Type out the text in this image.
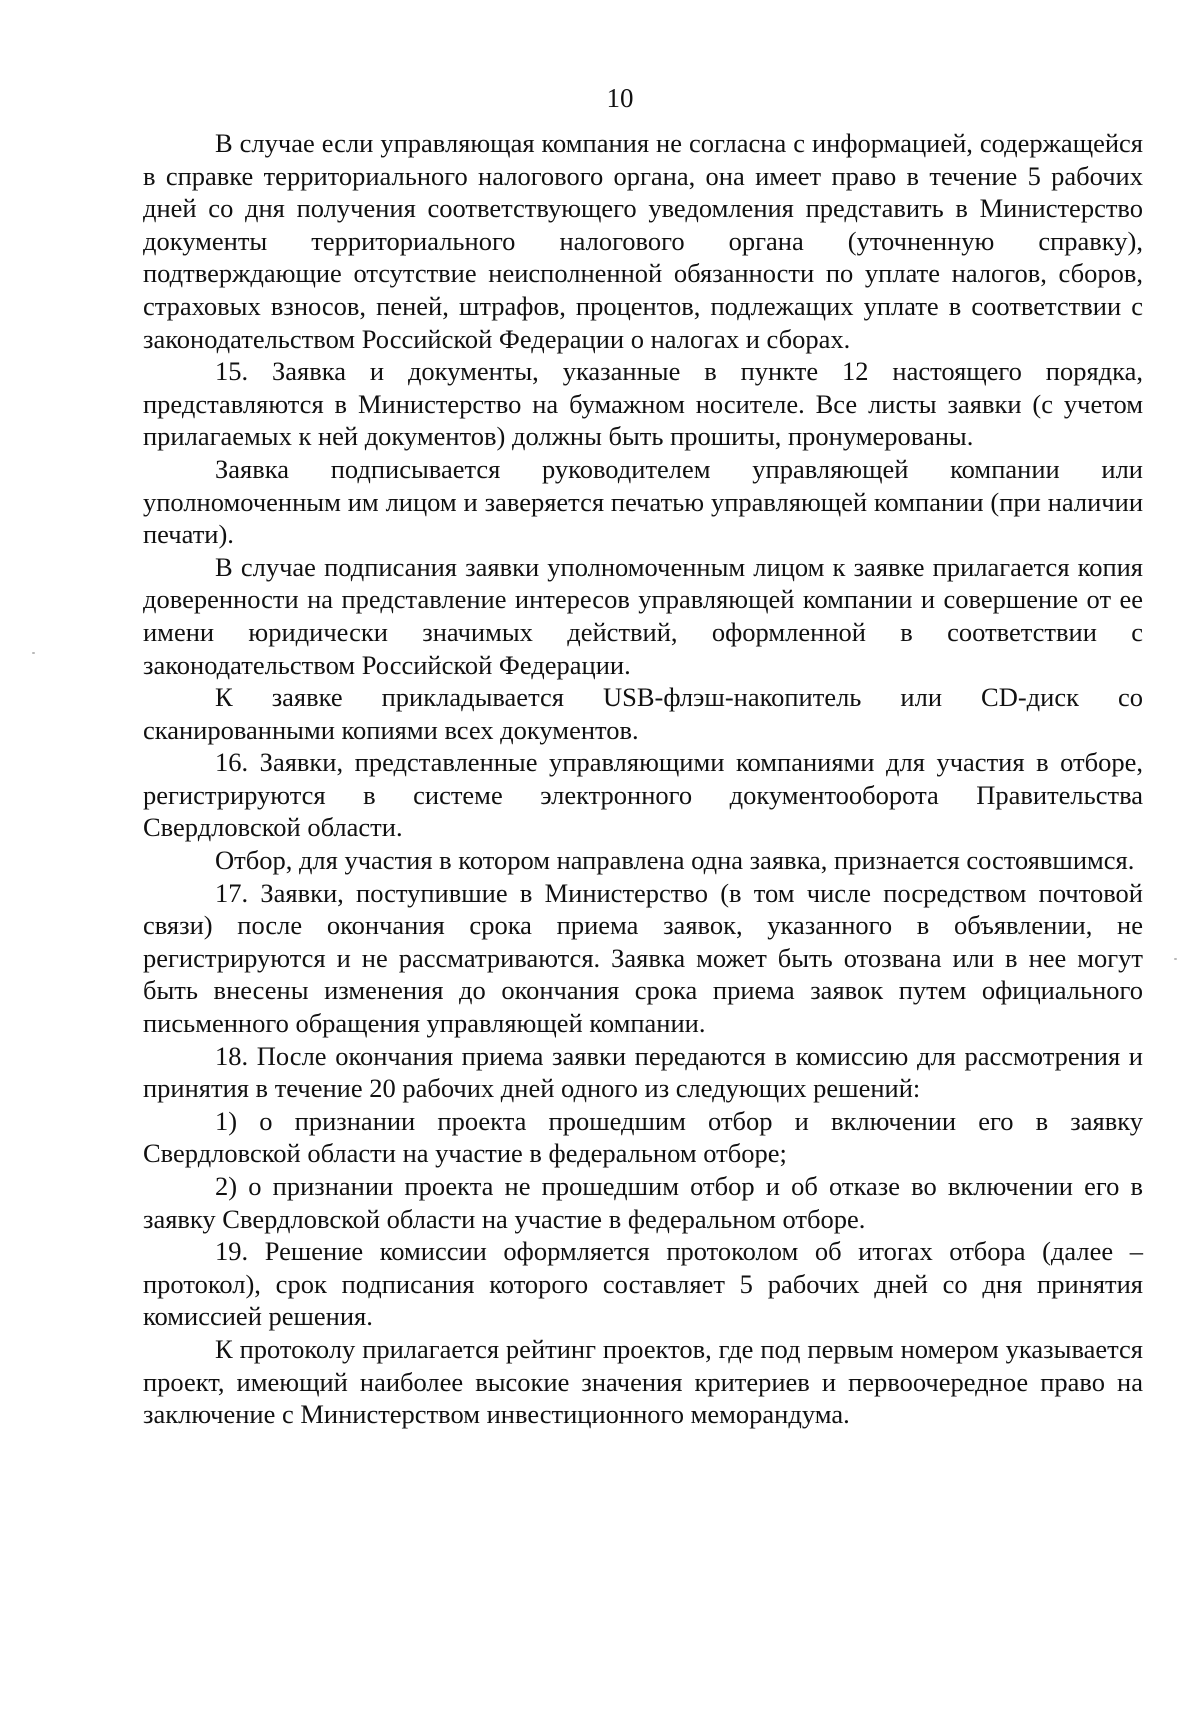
10

В случае если управляющая компания не согласна с информацией, содержащейся в справке территориального налогового органа, она имеет право в течение 5 рабочих дней со дня получения соответствующего уведомления представить в Министерство документы территориального налогового органа (уточненную справку), подтверждающие отсутствие неисполненной обязанности по уплате налогов, сборов, страховых взносов, пеней, штрафов, процентов, подлежащих уплате в соответствии с законодательством Российской Федерации о налогах и сборах.

15. Заявка и документы, указанные в пункте 12 настоящего порядка, представляются в Министерство на бумажном носителе. Все листы заявки (с учетом прилагаемых к ней документов) должны быть прошиты, пронумерованы.

Заявка подписывается руководителем управляющей компании или уполномоченным им лицом и заверяется печатью управляющей компании (при наличии печати).

В случае подписания заявки уполномоченным лицом к заявке прилагается копия доверенности на представление интересов управляющей компании и совершение от ее имени юридически значимых действий, оформленной в соответствии с законодательством Российской Федерации.

К заявке прикладывается USB-флэш-накопитель или CD-диск со сканированными копиями всех документов.

16. Заявки, представленные управляющими компаниями для участия в отборе, регистрируются в системе электронного документооборота Правительства Свердловской области.

Отбор, для участия в котором направлена одна заявка, признается состоявшимся.

17. Заявки, поступившие в Министерство (в том числе посредством почтовой связи) после окончания срока приема заявок, указанного в объявлении, не регистрируются и не рассматриваются. Заявка может быть отозвана или в нее могут быть внесены изменения до окончания срока приема заявок путем официального письменного обращения управляющей компании.

18. После окончания приема заявки передаются в комиссию для рассмотрения и принятия в течение 20 рабочих дней одного из следующих решений:

1) о признании проекта прошедшим отбор и включении его в заявку Свердловской области на участие в федеральном отборе;

2) о признании проекта не прошедшим отбор и об отказе во включении его в заявку Свердловской области на участие в федеральном отборе.

19. Решение комиссии оформляется протоколом об итогах отбора (далее – протокол), срок подписания которого составляет 5 рабочих дней со дня принятия комиссией решения.

К протоколу прилагается рейтинг проектов, где под первым номером указывается проект, имеющий наиболее высокие значения критериев и первоочередное право на заключение с Министерством инвестиционного меморандума.
